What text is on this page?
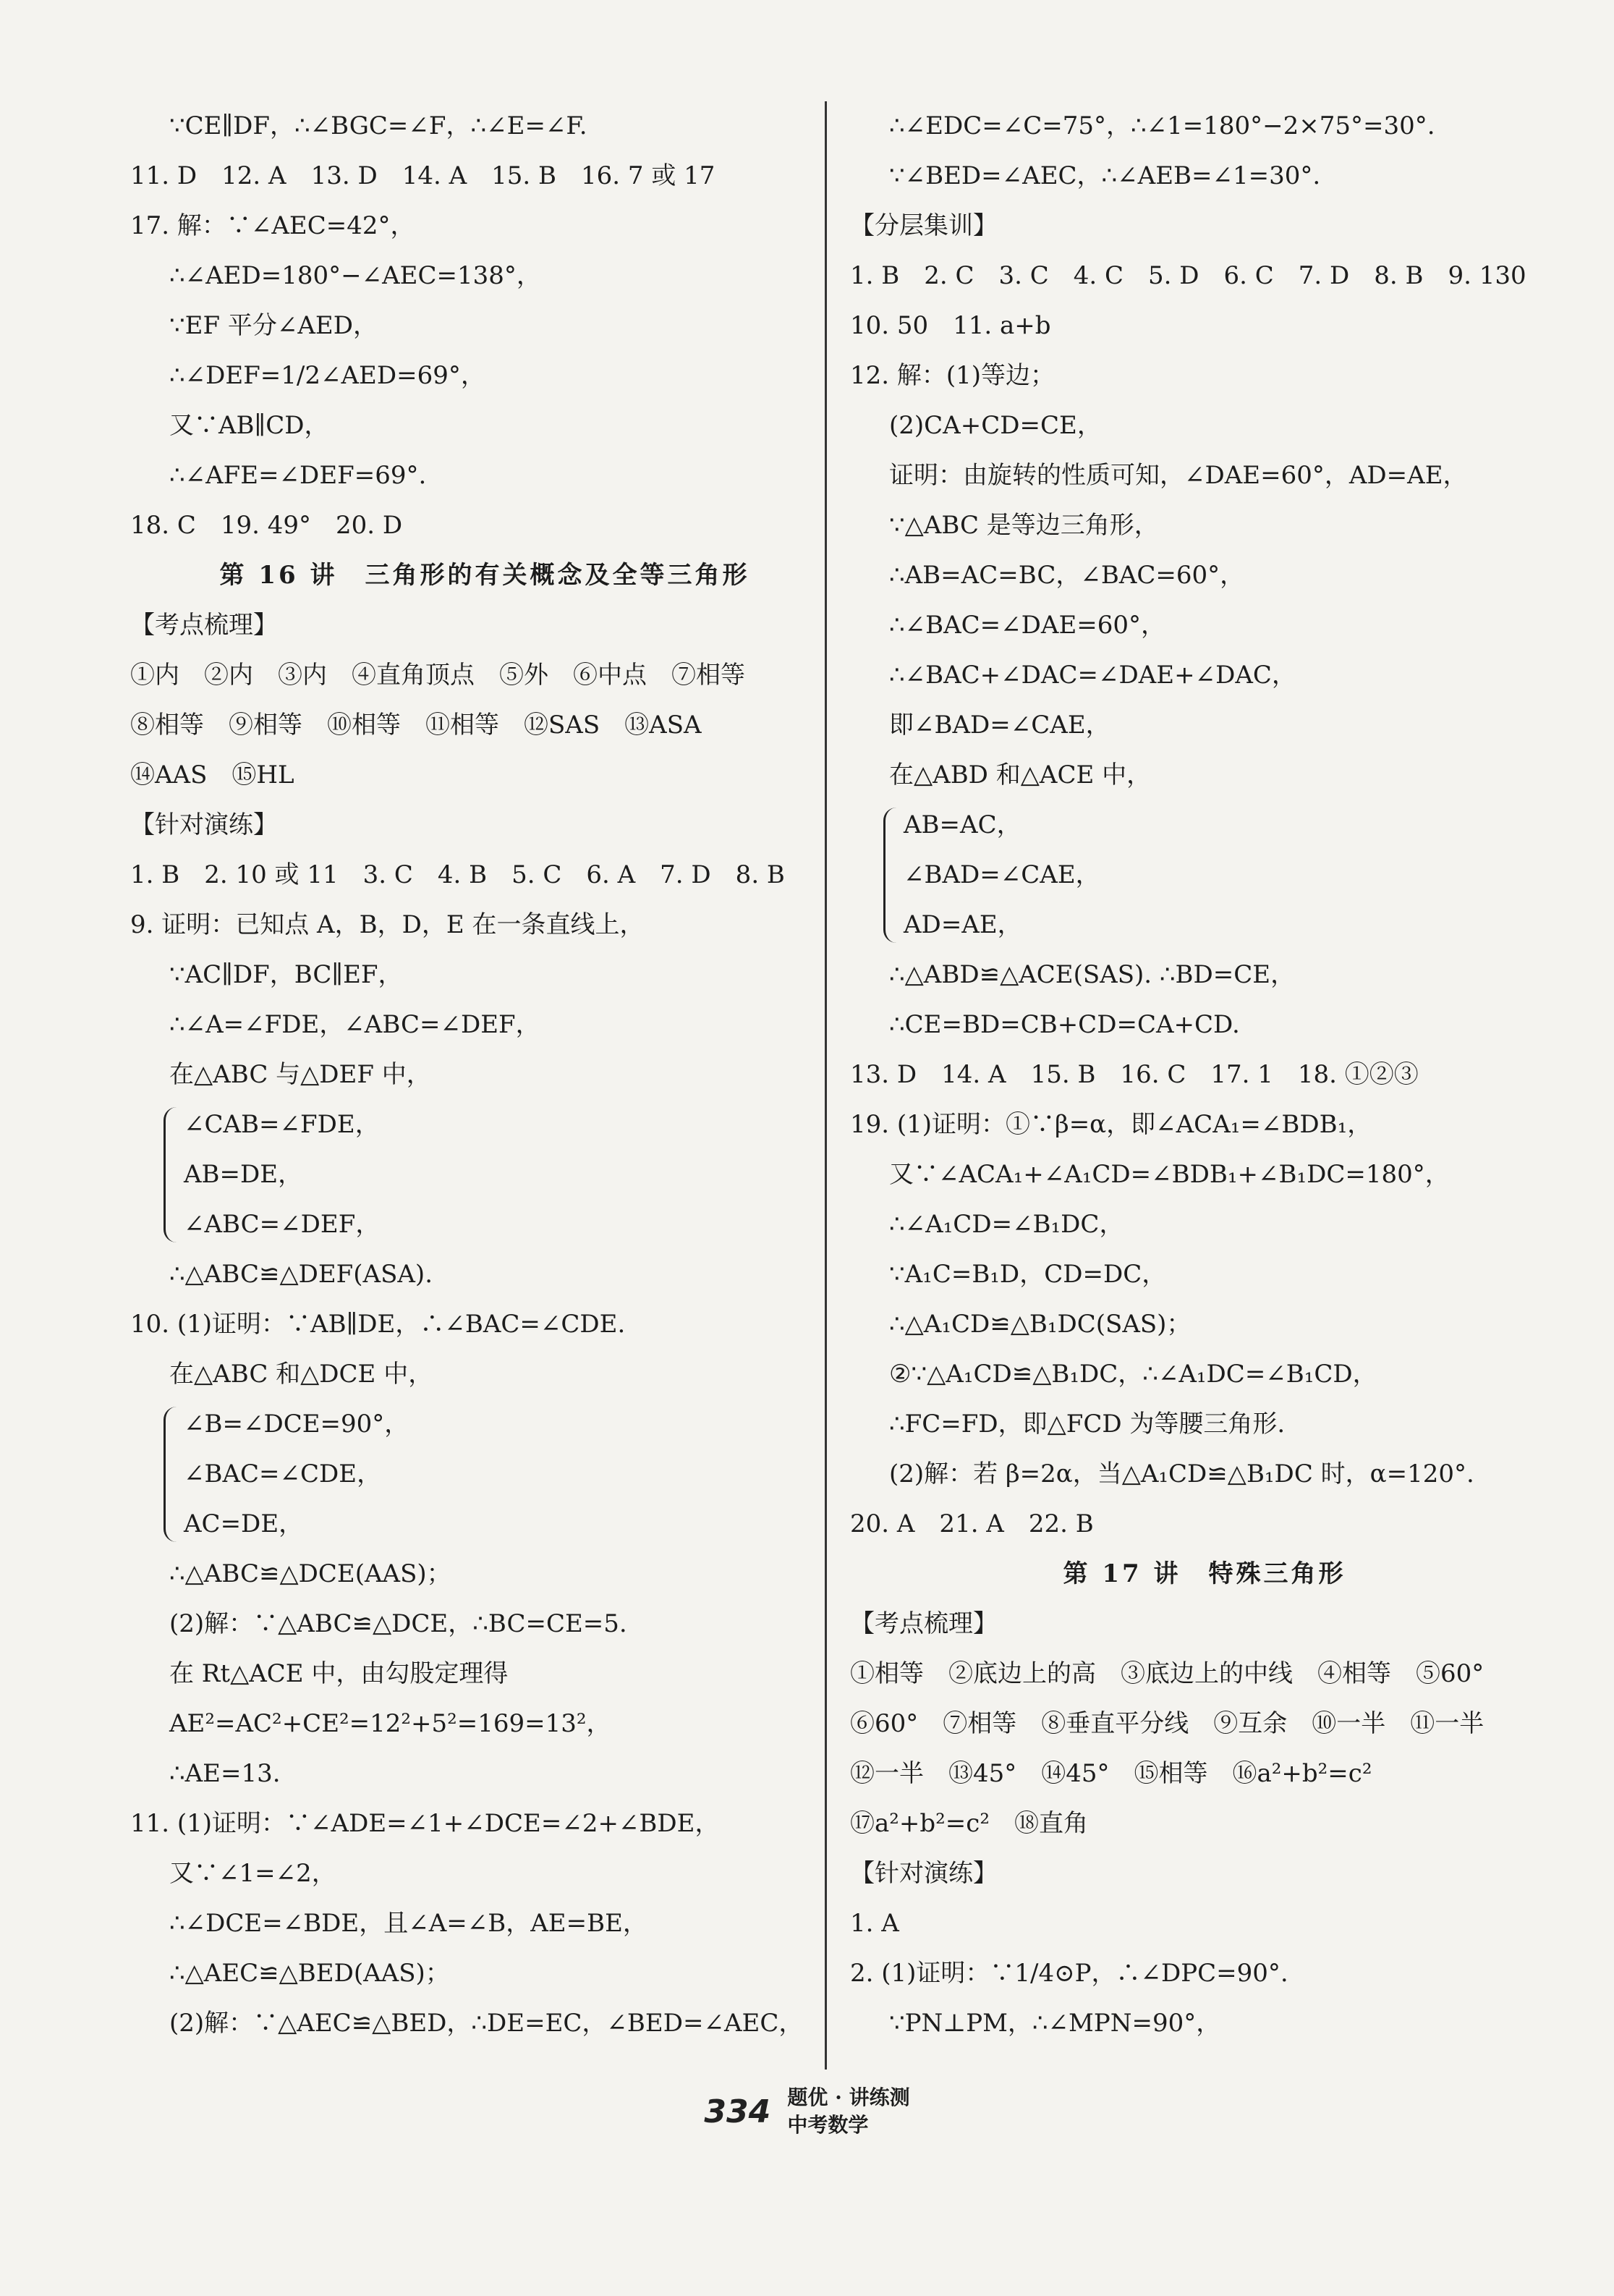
∵CE∥DF，∴∠BGC=∠F，∴∠E=∠F.
11. D　12. A　13. D　14. A　15. B　16. 7 或 17
17. 解：∵∠AEC=42°，
∴∠AED=180°−∠AEC=138°，
∵EF 平分∠AED，
∴∠DEF=1/2∠AED=69°，
又∵AB∥CD，
∴∠AFE=∠DEF=69°.
18. C　19. 49°　20. D
第 16 讲　三角形的有关概念及全等三角形
【考点梳理】
①内　②内　③内　④直角顶点　⑤外　⑥中点　⑦相等
⑧相等　⑨相等　⑩相等　⑪相等　⑫SAS　⑬ASA
⑭AAS　⑮HL
【针对演练】
1. B　2. 10 或 11　3. C　4. B　5. C　6. A　7. D　8. B
9. 证明：已知点 A，B，D，E 在一条直线上，
∵AC∥DF，BC∥EF，
∴∠A=∠FDE，∠ABC=∠DEF，
在△ABC 与△DEF 中，
∠CAB=∠FDE，
AB=DE，
∠ABC=∠DEF，
∴△ABC≌△DEF(ASA).
10. (1)证明：∵AB∥DE，∴∠BAC=∠CDE.
在△ABC 和△DCE 中，
∠B=∠DCE=90°，
∠BAC=∠CDE，
AC=DE，
∴△ABC≌△DCE(AAS)；
(2)解：∵△ABC≌△DCE，∴BC=CE=5.
在 Rt△ACE 中，由勾股定理得
AE²=AC²+CE²=12²+5²=169=13²，
∴AE=13.
11. (1)证明：∵∠ADE=∠1+∠DCE=∠2+∠BDE，
又∵∠1=∠2，
∴∠DCE=∠BDE，且∠A=∠B，AE=BE，
∴△AEC≌△BED(AAS)；
(2)解：∵△AEC≌△BED，∴DE=EC，∠BED=∠AEC，
∴∠EDC=∠C=75°，∴∠1=180°−2×75°=30°.
∵∠BED=∠AEC，∴∠AEB=∠1=30°.
【分层集训】
1. B　2. C　3. C　4. C　5. D　6. C　7. D　8. B　9. 130
10. 50　11. a+b
12. 解：(1)等边；
(2)CA+CD=CE，
证明：由旋转的性质可知，∠DAE=60°，AD=AE，
∵△ABC 是等边三角形，
∴AB=AC=BC，∠BAC=60°，
∴∠BAC=∠DAE=60°，
∴∠BAC+∠DAC=∠DAE+∠DAC，
即∠BAD=∠CAE，
在△ABD 和△ACE 中，
AB=AC，
∠BAD=∠CAE，
AD=AE，
∴△ABD≌△ACE(SAS). ∴BD=CE，
∴CE=BD=CB+CD=CA+CD.
13. D　14. A　15. B　16. C　17. 1　18. ①②③
19. (1)证明：①∵β=α，即∠ACA₁=∠BDB₁，
又∵∠ACA₁+∠A₁CD=∠BDB₁+∠B₁DC=180°，
∴∠A₁CD=∠B₁DC，
∵A₁C=B₁D，CD=DC，
∴△A₁CD≌△B₁DC(SAS)；
②∵△A₁CD≌△B₁DC，∴∠A₁DC=∠B₁CD，
∴FC=FD，即△FCD 为等腰三角形.
(2)解：若 β=2α，当△A₁CD≌△B₁DC 时，α=120°.
20. A　21. A　22. B
第 17 讲　特殊三角形
【考点梳理】
①相等　②底边上的高　③底边上的中线　④相等　⑤60°
⑥60°　⑦相等　⑧垂直平分线　⑨互余　⑩一半　⑪一半
⑫一半　⑬45°　⑭45°　⑮相等　⑯a²+b²=c²
⑰a²+b²=c²　⑱直角
【针对演练】
1. A
2. (1)证明：∵1/4⊙P，∴∠DPC=90°.
∵PN⊥PM，∴∠MPN=90°，
334 题优 · 讲练测
中考数学
